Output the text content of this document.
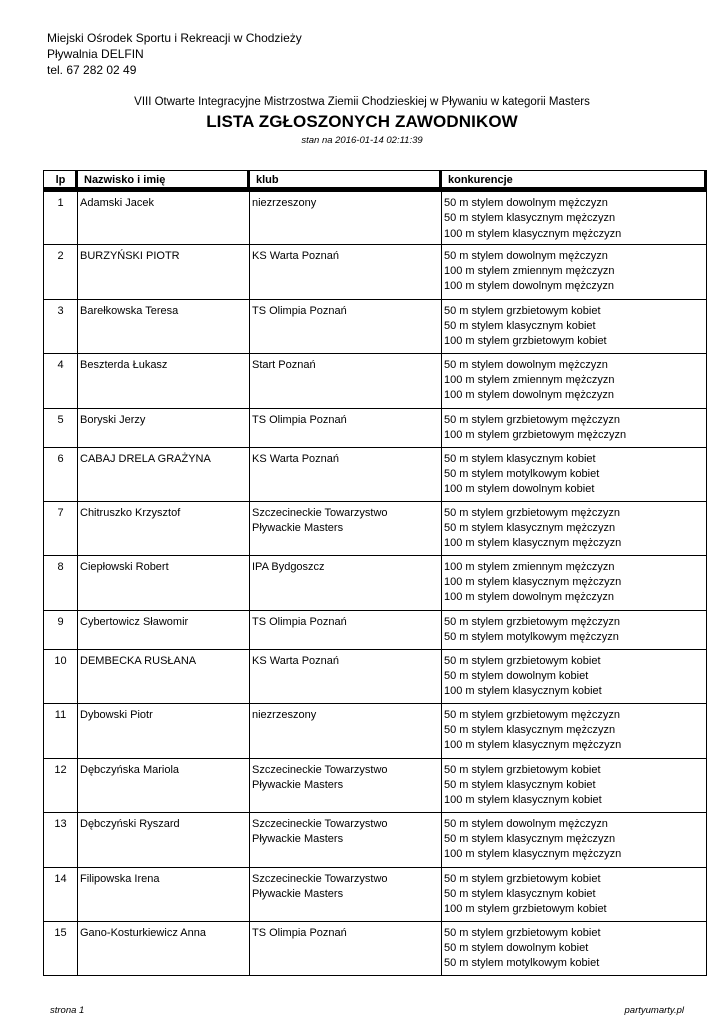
Miejski Ośrodek Sportu i Rekreacji w Chodzieży
Pływalnia DELFIN
tel. 67 282 02 49
VIII Otwarte Integracyjne Mistrzostwa Ziemii Chodzieskiej w Pływaniu w kategorii Masters
LISTA ZGŁOSZONYCH ZAWODNIKOW
stan na 2016-01-14 02:11:39
lp	Nazwisko i imię	klub	konkurencje
1	Adamski Jacek	niezrzeszony	50 m stylem dowolnym mężczyzn
50 m stylem klasycznym mężczyzn
100 m stylem klasycznym mężczyzn

2	BURZYŃSKI PIOTR	KS Warta Poznań	50 m stylem dowolnym mężczyzn
100 m stylem zmiennym mężczyzn
100 m stylem dowolnym mężczyzn

3	Barełkowska Teresa	TS Olimpia Poznań	50 m stylem grzbietowym kobiet
50 m stylem klasycznym kobiet
100 m stylem grzbietowym kobiet

4	Beszterda Łukasz	Start Poznań	50 m stylem dowolnym mężczyzn
100 m stylem zmiennym mężczyzn
100 m stylem dowolnym mężczyzn

5	Boryski Jerzy	TS Olimpia Poznań	50 m stylem grzbietowym mężczyzn
100 m stylem grzbietowym mężczyzn

6	CABAJ DRELA GRAŻYNA	KS Warta Poznań	50 m stylem klasycznym kobiet
50 m stylem motylkowym kobiet
100 m stylem dowolnym kobiet

7	Chitruszko Krzysztof	Szczecineckie Towarzystwo
Pływackie Masters	50 m stylem grzbietowym mężczyzn
50 m stylem klasycznym mężczyzn
100 m stylem klasycznym mężczyzn

8	Ciepłowski Robert	IPA Bydgoszcz	100 m stylem zmiennym mężczyzn
100 m stylem klasycznym mężczyzn
100 m stylem dowolnym mężczyzn

9	Cybertowicz Sławomir	TS Olimpia Poznań	50 m stylem grzbietowym mężczyzn
50 m stylem motylkowym mężczyzn

10	DEMBECKA RUSŁANA	KS Warta Poznań	50 m stylem grzbietowym kobiet
50 m stylem dowolnym kobiet
100 m stylem klasycznym kobiet

11	Dybowski Piotr	niezrzeszony	50 m stylem grzbietowym mężczyzn
50 m stylem klasycznym mężczyzn
100 m stylem klasycznym mężczyzn

12	Dębczyńska Mariola	Szczecineckie Towarzystwo
Pływackie Masters	50 m stylem grzbietowym kobiet
50 m stylem klasycznym kobiet
100 m stylem klasycznym kobiet

13	Dębczyński Ryszard	Szczecineckie Towarzystwo
Pływackie Masters	50 m stylem dowolnym mężczyzn
50 m stylem klasycznym mężczyzn
100 m stylem klasycznym mężczyzn

14	Filipowska Irena	Szczecineckie Towarzystwo
Pływackie Masters	50 m stylem grzbietowym kobiet
50 m stylem klasycznym kobiet
100 m stylem grzbietowym kobiet

15	Gano-Kosturkiewicz Anna	TS Olimpia Poznań	50 m stylem grzbietowym kobiet
50 m stylem dowolnym kobiet
50 m stylem motylkowym kobiet
strona 1	partyumarty.pl
